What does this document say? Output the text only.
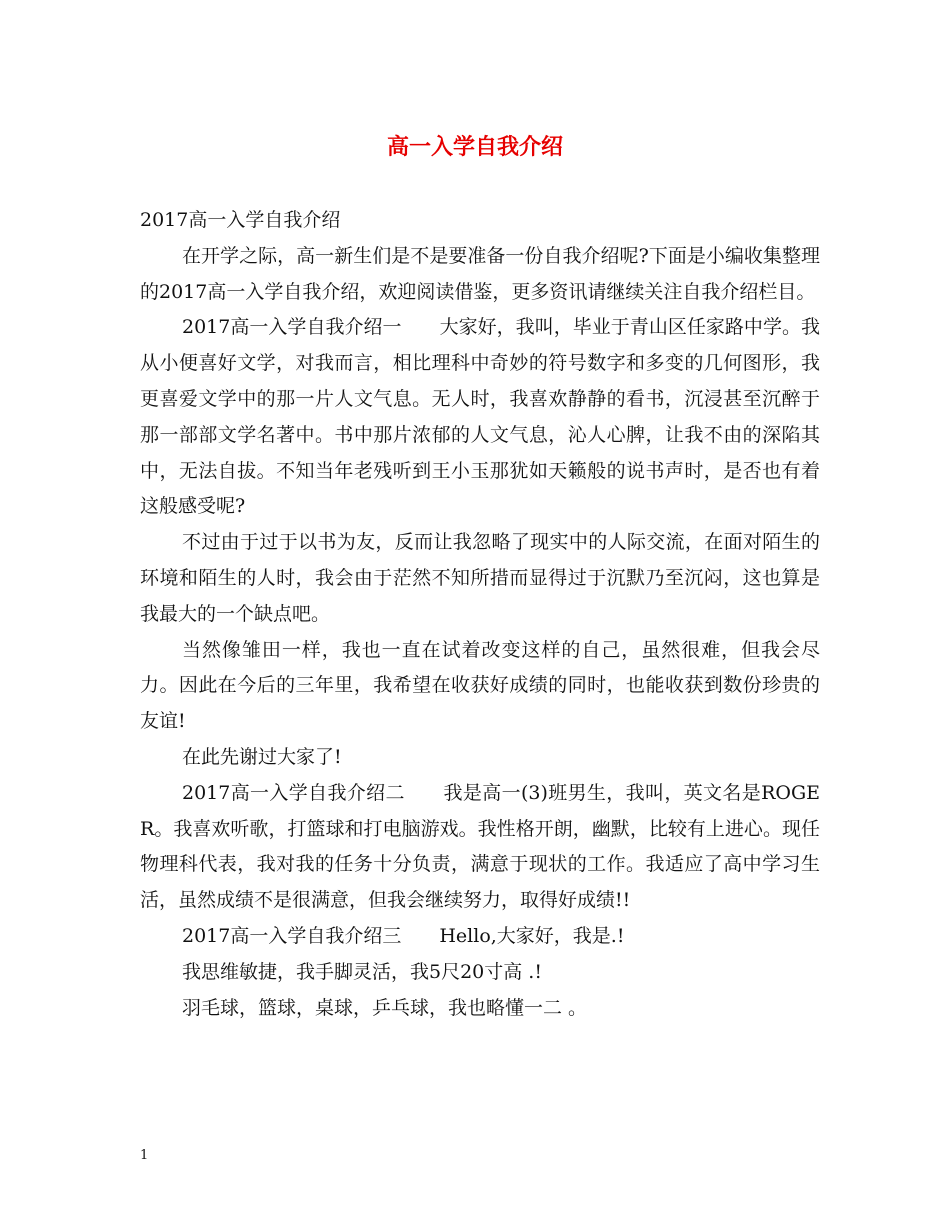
高一入学自我介绍

2017高一入学自我介绍

在开学之际，高一新生们是不是要准备一份自我介绍呢?下面是小编收集整理的2017高一入学自我介绍，欢迎阅读借鉴，更多资讯请继续关注自我介绍栏目。

2017高一入学自我介绍一　　大家好，我叫，毕业于青山区任家路中学。我从小便喜好文学，对我而言，相比理科中奇妙的符号数字和多变的几何图形，我更喜爱文学中的那一片人文气息。无人时，我喜欢静静的看书，沉浸甚至沉醉于那一部部文学名著中。书中那片浓郁的人文气息，沁人心脾，让我不由的深陷其中，无法自拔。不知当年老残听到王小玉那犹如天籁般的说书声时，是否也有着这般感受呢?

不过由于过于以书为友，反而让我忽略了现实中的人际交流，在面对陌生的环境和陌生的人时，我会由于茫然不知所措而显得过于沉默乃至沉闷，这也算是我最大的一个缺点吧。

当然像雏田一样，我也一直在试着改变这样的自己，虽然很难，但我会尽力。因此在今后的三年里，我希望在收获好成绩的同时，也能收获到数份珍贵的友谊!

在此先谢过大家了!

2017高一入学自我介绍二　　我是高一(3)班男生，我叫，英文名是ROGER。我喜欢听歌，打篮球和打电脑游戏。我性格开朗，幽默，比较有上进心。现任物理科代表，我对我的任务十分负责，满意于现状的工作。我适应了高中学习生活，虽然成绩不是很满意，但我会继续努力，取得好成绩!!

2017高一入学自我介绍三　　Hello,大家好，我是.!

我思维敏捷，我手脚灵活，我5尺20寸高 .!

羽毛球，篮球，桌球，乒乓球，我也略懂一二 。

1
